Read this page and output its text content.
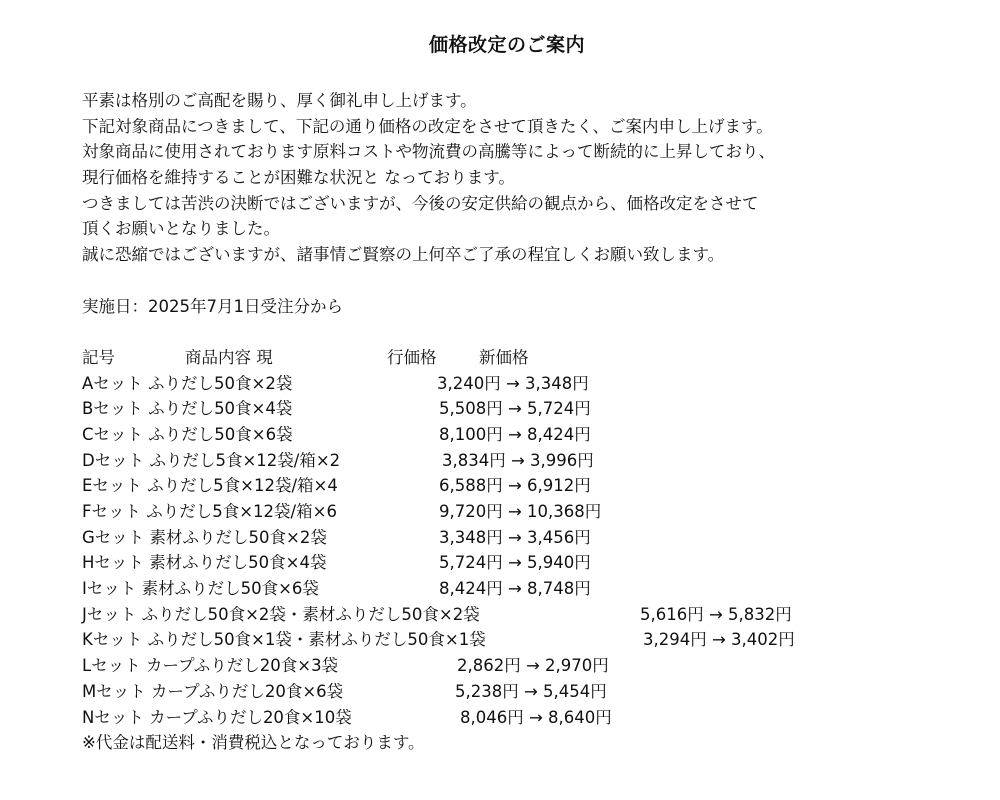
価格改定のご案内
平素は格別のご高配を賜り、厚く御礼申し上げます。
下記対象商品につきまして、下記の通り価格の改定をさせて頂きたく、ご案内申し上げます。
対象商品に使用されております原料コストや物流費の高騰等によって断続的に上昇しており、
現行価格を維持することが困難な状況と なっております。
つきましては苦渋の決断ではございますが、今後の安定供給の観点から、価格改定をさせて
頂くお願いとなりました。
誠に恐縮ではございますが、諸事情ご賢察の上何卒ご了承の程宜しくお願い致します。
実施日：2025年7月1日受注分から
記号	商品内容 現	行価格	新価格
Aセット ふりだし50食×2袋	3,240円 → 3,348円
Bセット ふりだし50食×4袋	5,508円 → 5,724円
Cセット ふりだし50食×6袋	8,100円 → 8,424円
Dセット ふりだし5食×12袋/箱×2	3,834円 → 3,996円
Eセット ふりだし5食×12袋/箱×4	6,588円 → 6,912円
Fセット ふりだし5食×12袋/箱×6	9,720円 → 10,368円
Gセット 素材ふりだし50食×2袋	3,348円 → 3,456円
Hセット 素材ふりだし50食×4袋	5,724円 → 5,940円
Iセット 素材ふりだし50食×6袋	8,424円 → 8,748円
Jセット ふりだし50食×2袋・素材ふりだし50食×2袋	5,616円 → 5,832円
Kセット ふりだし50食×1袋・素材ふりだし50食×1袋	3,294円 → 3,402円
Lセット カープふりだし20食×3袋	2,862円 → 2,970円
Mセット カープふりだし20食×6袋	5,238円 → 5,454円
Nセット カープふりだし20食×10袋	8,046円 → 8,640円
※代金は配送料・消費税込となっております。
